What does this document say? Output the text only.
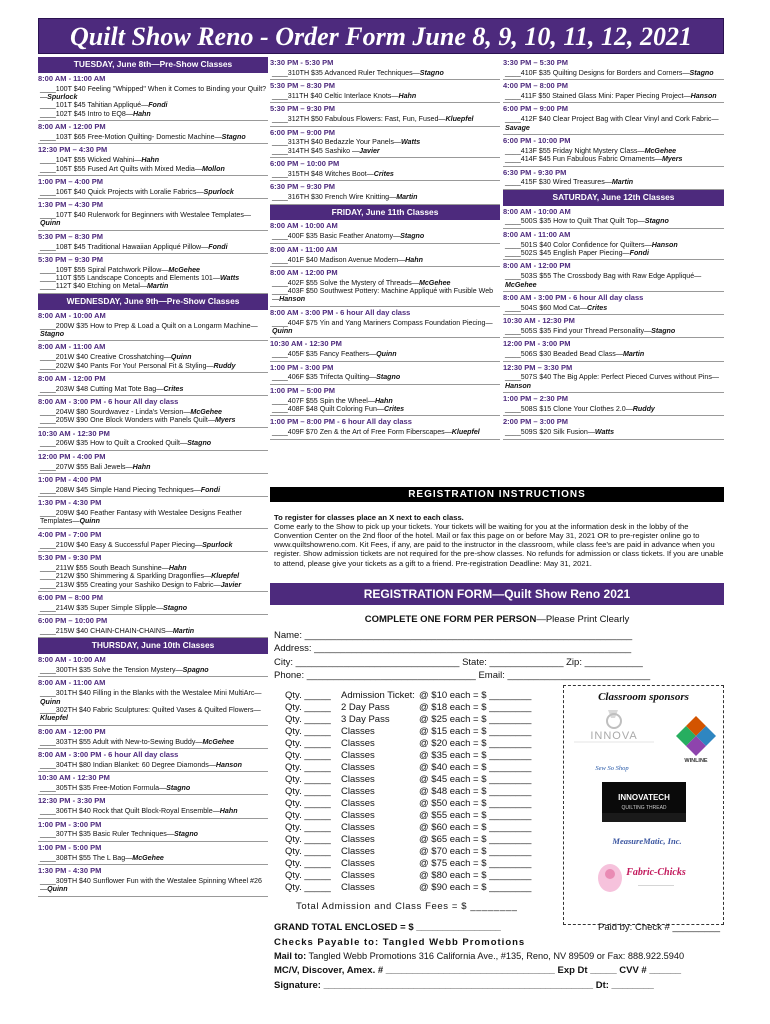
Quilt Show Reno - Order Form June 8, 9, 10, 11, 12, 2021
TUESDAY, June 8th—Pre-Show Classes
8:00 AM - 11:00 AM
____100T $40 Feeling "Whipped" When it Comes to Binding your Quilt?—Spurlock
____101T $45 Tahitian Appliqué—Fondi
____102T $45 Intro to EQ8—Hahn
8:00 AM - 12:00 PM
____103T $65 Free-Motion Quilting- Domestic Machine—Stagno
12:30 PM – 4:30 PM
____104T $55 Wicked Wahini—Hahn
____105T $55 Fused Art Quilts with Mixed Media—Mollon
1:00 PM – 4:00 PM
____106T $40 Quick Projects with Loralie Fabrics—Spurlock
1:30 PM – 4:30 PM
____107T $40 Rulerwork for Beginners with Westalee Templates—Quinn
5:30 PM – 8:30 PM
____108T $45 Traditional Hawaiian Appliqué Pillow—Fondi
5:30 PM – 9:30 PM
____109T $55 Spiral Patchwork Pillow—McGehee
____110T $55 Landscape Concepts and Elements 101—Watts
____112T $40 Etching on Metal—Martin
WEDNESDAY, June 9th—Pre-Show Classes
8:00 AM - 10:00 AM
____200W $35 How to Prep & Load a Quilt on a Longarm Machine—Stagno
8:00 AM - 11:00 AM
____201W $40 Creative Crosshatching—Quinn
____202W $40 Pants For You! Personal Fit & Styling—Ruddy
8:00 AM - 12:00 PM
____203W $48 Cutting Mat Tote Bag—Crites
8:00 AM - 3:00 PM - 6 hour All day class
____204W $80 Sourdwavez - Linda's Version—McGehee
____205W $90 One Block Wonders with Panels Quilt—Myers
10:30 AM - 12:30 PM
____206W $35 How to Quilt a Crooked Quilt—Stagno
12:00 PM - 4:00 PM
____207W $55 Bali Jewels—Hahn
1:00 PM - 4:00 PM
____208W $45 Simple Hand Piecing Techniques—Fondi
1:30 PM - 4:30 PM
____209W $40 Feather Fantasy with Westalee Designs Feather Templates—Quinn
4:00 PM - 7:00 PM
____210W $40 Easy & Successful Paper Piecing—Spurlock
5:30 PM - 9:30 PM
____211W $55 South Beach Sunshine—Hahn
____212W $50 Shimmering & Sparkling Dragonflies—Kluepfel
____213W $55 Creating your Sashiko Design to Fabric—Javier
6:00 PM – 8:00 PM
____214W $35 Super Simple Slipple—Stagno
6:00 PM – 10:00 PM
____215W $40 CHAIN-CHAIN-CHAINS—Martin
THURSDAY, June 10th Classes
8:00 AM - 10:00 AM
____300TH $35 Solve the Tension Mystery—Spagno
8:00 AM - 11:00 AM
____301TH $40 Filling in the Blanks with the Westalee Mini MultiArc—Quinn
____302TH $40 Fabric Sculptures: Quilted Vases & Quilted Flowers—Kluepfel
8:00 AM - 12:00 PM
____303TH $55 Adult with New-to-Sewing Buddy—McGehee
8:00 AM - 3:00 PM - 6 hour All day class
____304TH $80 Indian Blanket: 60 Degree Diamonds—Hanson
10:30 AM - 12:30 PM
____305TH $35 Free-Motion Formula—Stagno
12:30 PM - 3:30 PM
____306TH $40 Rock that Quilt Block-Royal Ensemble—Hahn
1:00 PM - 3:00 PM
____307TH $35 Basic Ruler Techniques—Stagno
1:00 PM - 5:00 PM
____308TH $55 The L Bag—McGehee
1:30 PM - 4:30 PM
____309TH $40 Sunflower Fun with the Westalee Spinning Wheel #26—Quinn
3:30 PM - 5:30 PM
____310TH $35 Advanced Ruler Techniques—Stagno
5:30 PM – 8:30 PM
____311TH $40 Celtic Interlace Knots—Hahn
5:30 PM – 9:30 PM
____312TH $50 Fabulous Flowers: Fast, Fun, Fused—Kluepfel
6:00 PM – 9:00 PM
____313TH $40 Bedazzle Your Panels—Watts
____314TH $45 Sashiko —Javier
6:00 PM – 10:00 PM
____315TH $48 Witches Boot—Crites
6:30 PM – 9:30 PM
____316TH $30 French Wire Knitting—Martin
FRIDAY, June 11th Classes
8:00 AM - 10:00 AM
____400F $35 Basic Feather Anatomy—Stagno
8:00 AM - 11:00 AM
____401F $40 Madison Avenue Modern—Hahn
8:00 AM - 12:00 PM
____402F $55 Solve the Mystery of Threads—McGehee
____403F $50 Southwest Pottery: Machine Appliqué with Fusible Web—Hanson
8:00 AM - 3:00 PM - 6 hour All day class
____404F $75 Yin and Yang Mariners Compass Foundation Piecing—Quinn
10:30 AM - 12:30 PM
____405F $35 Fancy Feathers—Quinn
1:00 PM - 3:00 PM
____406F $35 Trifecta Quilting—Stagno
1:00 PM – 5:00 PM
____407F $55 Spin the Wheel—Hahn
____408F $48 Quilt Coloring Fun—Crites
1:00 PM – 8:00 PM - 6 hour All day class
____409F $70 Zen & the Art of Free Form Fiberscapes—Kluepfel
3:30 PM – 5:30 PM
____410F $35 Quilting Designs for Borders and Corners—Stagno
4:00 PM – 8:00 PM
____411F $50 Stained Glass Mini: Paper Piecing Project—Hanson
6:00 PM – 9:00 PM
____412F $40 Clear Project Bag with Clear Vinyl and Cork Fabric—Savage
6:00 PM - 10:00 PM
____413F $55 Friday Night Mystery Class—McGehee
____414F $45 Fun Fabulous Fabric Ornaments—Myers
6:30 PM - 9:30 PM
____415F $30 Wired Treasures—Martin
SATURDAY, June 12th Classes
8:00 AM - 10:00 AM
____500S $35 How to Quilt That Quilt Top—Stagno
8:00 AM - 11:00 AM
____501S $40 Color Confidence for Quilters—Hanson
____502S $45 English Paper Piecing—Fondi
8:00 AM - 12:00 PM
____503S $55 The Crossbody Bag with Raw Edge Appliqué—McGehee
8:00 AM - 3:00 PM - 6 hour All day class
____504S $60 Mod Cat—Crites
10:30 AM - 12:30 PM
____505S $35 Find your Thread Personality—Stagno
12:00 PM - 3:00 PM
____506S $30 Beaded Bead Class—Martin
12:30 PM – 3:30 PM
____507S $40 The Big Apple: Perfect Pieced Curves without Pins—Hanson
1:00 PM – 2:30 PM
____508S $15 Clone Your Clothes 2.0—Ruddy
2:00 PM – 3:00 PM
____509S $20 Silk Fusion—Watts
REGISTRATION INSTRUCTIONS
To register for classes place an X next to each class.
Come early to the Show to pick up your tickets. Your tickets will be waiting for you at the information desk in the lobby of the Convention Center on the 2nd floor of the hotel. Mail or fax this page on or before May 31, 2021 OR to pre-register online go to www.quiltshowreno.com. Kit Fees, if any, are paid to the instructor in the classroom, while class fee's are paid in advance when you register. Show admission tickets are not required for the pre-show classes. No refunds for admission or class tickets. If you are unable to attend, please give your tickets as a gift to a friend. Pre-registration Deadline: May 31, 2021.
REGISTRATION FORM—Quilt Show Reno 2021
COMPLETE ONE FORM PER PERSON—Please Print Clearly
Name: ______________________________________________________________
Address: ____________________________________________________________
City: _______________________________ State: ______________ Zip: ___________
Phone: ________________________________ Email: ___________________________
Qty. _____	Admission Ticket: @ $10 each = $ ________
Qty. _____	2 Day Pass	@ $18 each = $ ________
Qty. _____	3 Day Pass	@ $25 each = $ ________
Qty. _____	Classes	@ $15 each = $ ________
Qty. _____	Classes	@ $20 each = $ ________
Qty. _____	Classes	@ $35 each = $ ________
Qty. _____	Classes	@ $40 each = $ ________
Qty. _____	Classes	@ $45 each = $ ________
Qty. _____	Classes	@ $48 each = $ ________
Qty. _____	Classes	@ $50 each = $ ________
Qty. _____	Classes	@ $55 each = $ ________
Qty. _____	Classes	@ $60 each = $ ________
Qty. _____	Classes	@ $65 each = $ ________
Qty. _____	Classes	@ $70 each = $ ________
Qty. _____	Classes	@ $75 each = $ ________
Qty. _____	Classes	@ $80 each = $ ________
Qty. _____	Classes	@ $90 each = $ ________
Total Admission and Class Fees = $ ________
Classroom sponsors
INNOVA
WINLINE
Sew So Shop
INNOVATECH
QUILTING THREAD
MeasureMatic, Inc.
Fabric-Chicks
—————————
GRAND TOTAL ENCLOSED = $ ________________	Paid by: Check # _________
Checks Payable to: Tangled Webb Promotions
Mail to: Tangled Webb Promotions 316 California Ave., #135, Reno, NV 89509 or Fax: 888.922.5940
MC/V, Discover, Amex. # ________________________________ Exp Dt _____ CVV # ______
Signature: ___________________________________________________ Dt: ________
